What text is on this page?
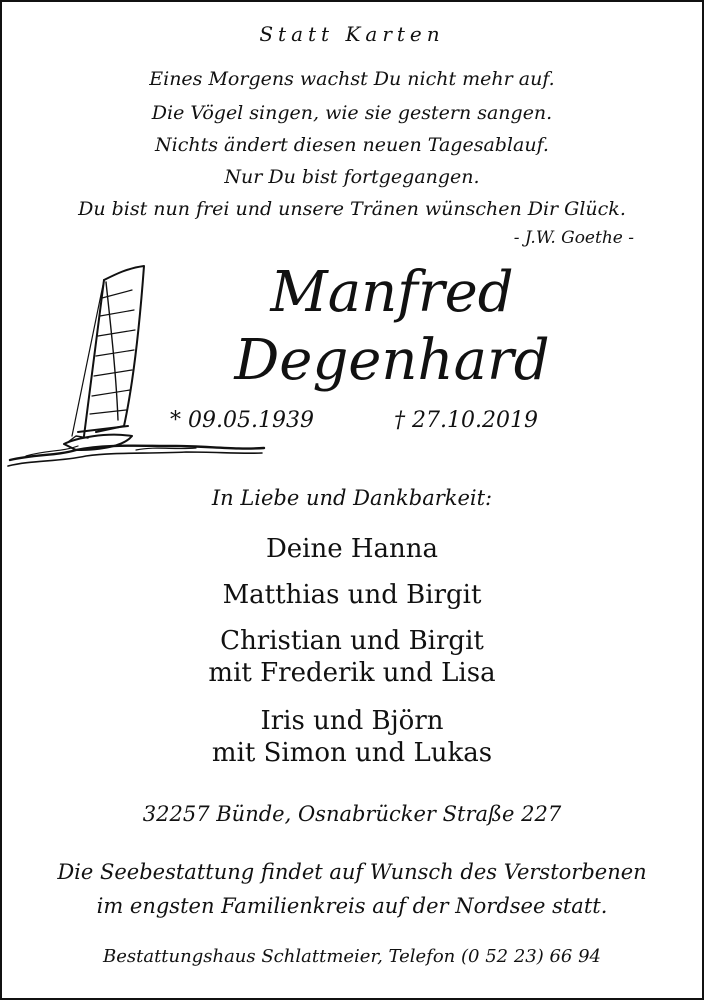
Statt Karten
Eines Morgens wachst Du nicht mehr auf.
Die Vögel singen, wie sie gestern sangen.
Nichts ändert diesen neuen Tagesablauf.
Nur Du bist fortgegangen.
Du bist nun frei und unsere Tränen wünschen Dir Glück.
- J.W. Goethe -
Manfred
Degenhard
* 09.05.1939	† 27.10.2019
In Liebe und Dankbarkeit:
Deine Hanna
Matthias und Birgit
Christian und Birgit
mit Frederik und Lisa
Iris und Björn
mit Simon und Lukas
32257 Bünde, Osnabrücker Straße 227
Die Seebestattung findet auf Wunsch des Verstorbenen
im engsten Familienkreis auf der Nordsee statt.
Bestattungshaus Schlattmeier, Telefon (0 52 23) 66 94
